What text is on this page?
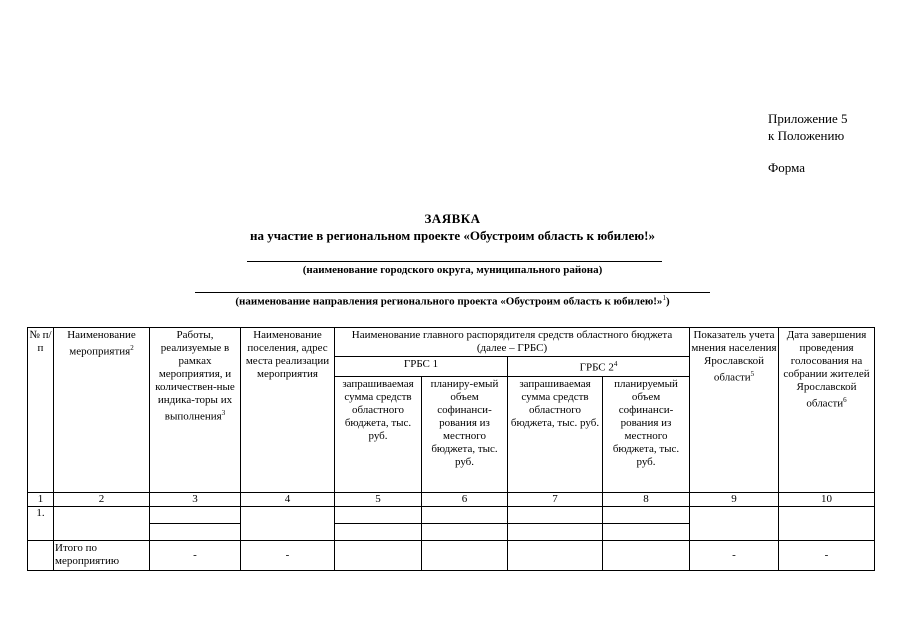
Приложение 5
к Положению
Форма
ЗАЯВКА
на участие в региональном проекте «Обустроим область к юбилею!»
(наименование городского округа, муниципального района)
(наименование направления регионального проекта «Обустроим область к юбилею!»$^1$)
№ п/п	Наименование мероприятия$^2$	Работы, реализуемые в рамках мероприятия, и количествен-ные индика-торы их выполнения$^3$	Наименование поселения, адрес места реализации мероприятия	Наименование главного распорядителя средств областного бюджета (далее – ГРБС)				Показатель учета мнения населения Ярославской области$^5$	Дата завершения проведения голосования на собрании жителей Ярославской области$^6$
				ГРБС 1		ГРБС $2^4$
				запрашиваемая сумма средств областного бюджета, тыс. руб.	планиру-емый объем софинанси-рования из местного бюджета, тыс. руб.	запрашиваемая сумма средств областного бюджета, тыс. руб.	планируемый объем софинанси-рования из местного бюджета, тыс. руб.		
1	2	3	4	5	6	7	8	9	10
1.									

	Итого по мероприятию	-	-					-	-
